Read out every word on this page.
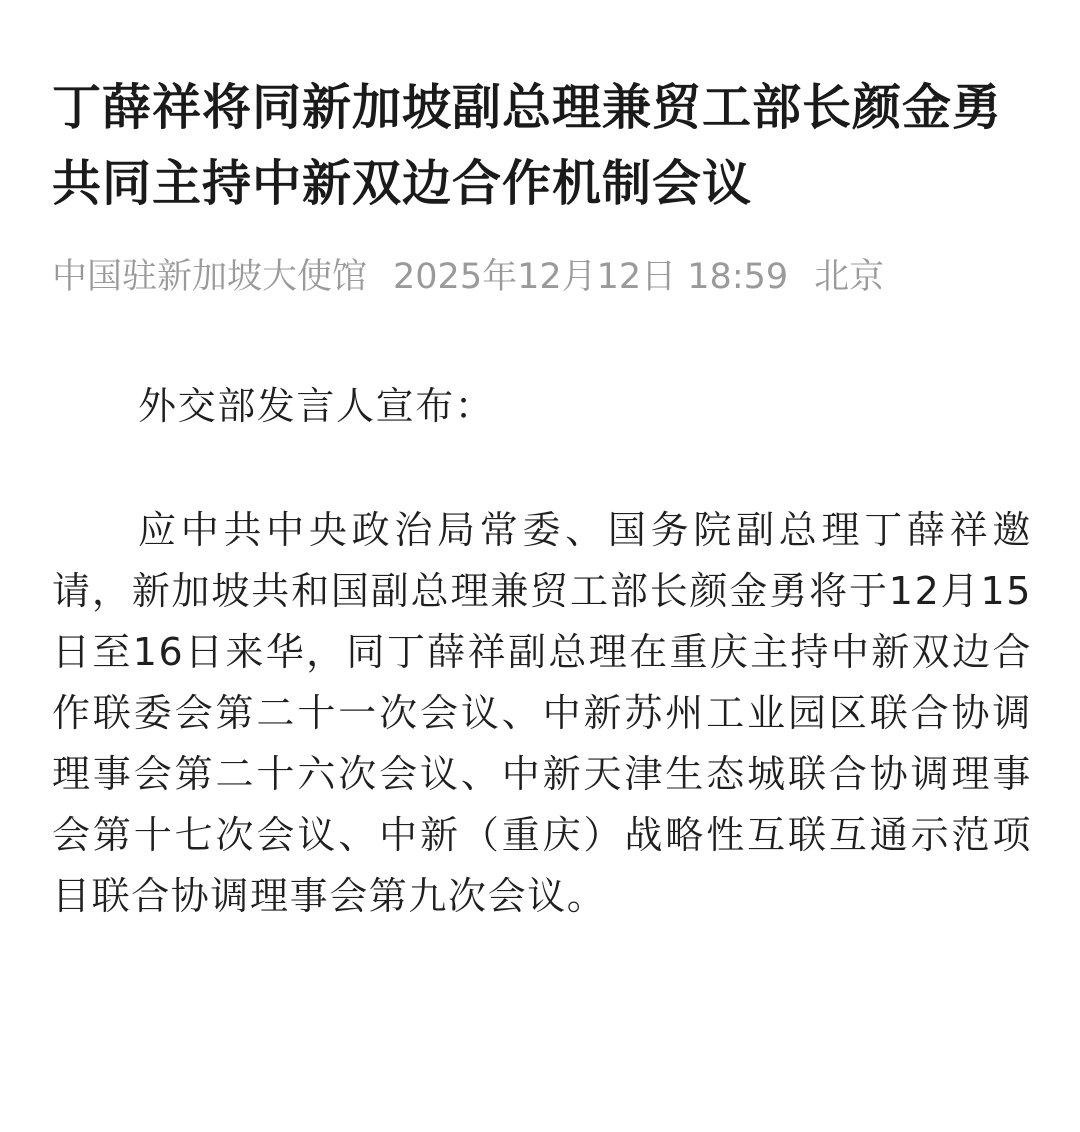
丁薛祥将同新加坡副总理兼贸工部长颜金勇共同主持中新双边合作机制会议
中国驻新加坡大使馆 2025年12月12日 18:59 北京

外交部发言人宣布：

应中共中央政治局常委、国务院副总理丁薛祥邀请，新加坡共和国副总理兼贸工部长颜金勇将于12月15日至16日来华，同丁薛祥副总理在重庆主持中新双边合作联委会第二十一次会议、中新苏州工业园区联合协调理事会第二十六次会议、中新天津生态城联合协调理事会第十七次会议、中新（重庆）战略性互联互通示范项目联合协调理事会第九次会议。
